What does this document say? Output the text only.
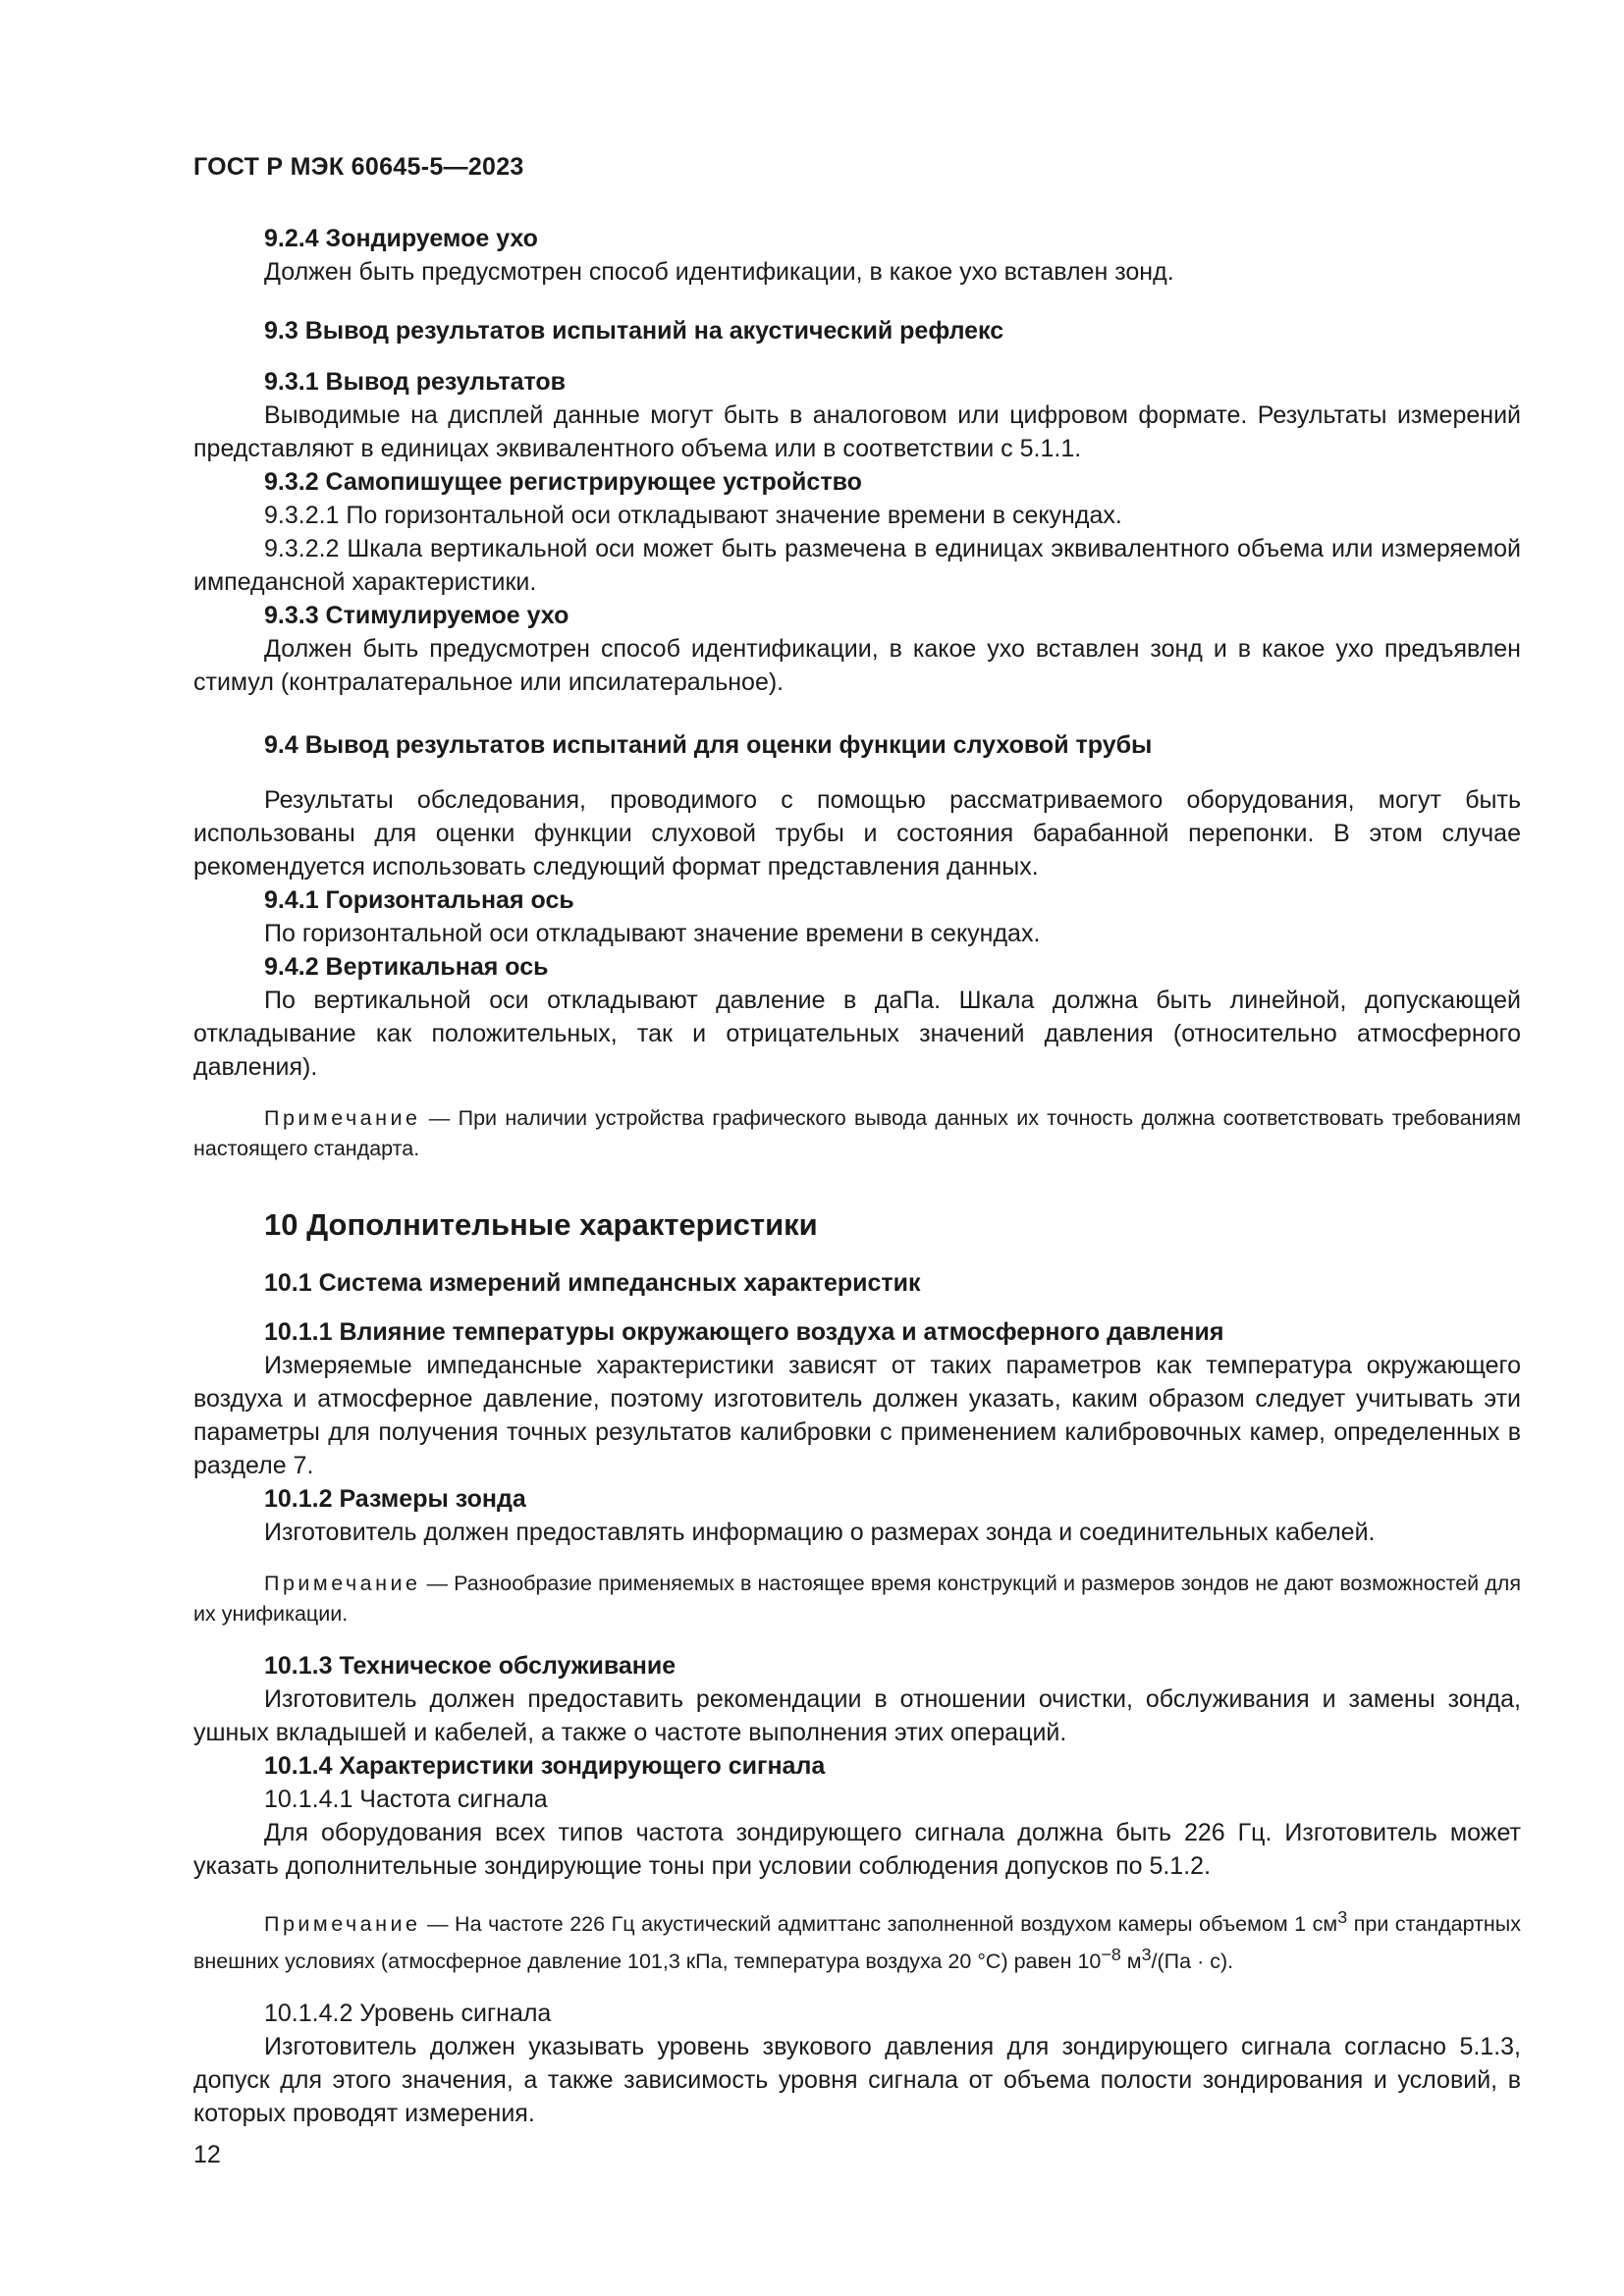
ГОСТ Р МЭК 60645-5—2023

9.2.4 Зондируемое ухо

Должен быть предусмотрен способ идентификации, в какое ухо вставлен зонд.

9.3 Вывод результатов испытаний на акустический рефлекс

9.3.1 Вывод результатов

Выводимые на дисплей данные могут быть в аналоговом или цифровом формате. Результаты измерений представляют в единицах эквивалентного объема или в соответствии с 5.1.1.

9.3.2 Самопишущее регистрирующее устройство

9.3.2.1 По горизонтальной оси откладывают значение времени в секундах.

9.3.2.2 Шкала вертикальной оси может быть размечена в единицах эквивалентного объема или измеряемой импедансной характеристики.

9.3.3 Стимулируемое ухо

Должен быть предусмотрен способ идентификации, в какое ухо вставлен зонд и в какое ухо предъявлен стимул (контралатеральное или ипсилатеральное).

9.4 Вывод результатов испытаний для оценки функции слуховой трубы

Результаты обследования, проводимого с помощью рассматриваемого оборудования, могут быть использованы для оценки функции слуховой трубы и состояния барабанной перепонки. В этом случае рекомендуется использовать следующий формат представления данных.

9.4.1 Горизонтальная ось

По горизонтальной оси откладывают значение времени в секундах.

9.4.2 Вертикальная ось

По вертикальной оси откладывают давление в даПа. Шкала должна быть линейной, допускающей откладывание как положительных, так и отрицательных значений давления (относительно атмосферного давления).

Примечание — При наличии устройства графического вывода данных их точность должна соответствовать требованиям настоящего стандарта.

10 Дополнительные характеристики

10.1 Система измерений импедансных характеристик

10.1.1 Влияние температуры окружающего воздуха и атмосферного давления

Измеряемые импедансные характеристики зависят от таких параметров как температура окружающего воздуха и атмосферное давление, поэтому изготовитель должен указать, каким образом следует учитывать эти параметры для получения точных результатов калибровки с применением калибровочных камер, определенных в разделе 7.

10.1.2 Размеры зонда

Изготовитель должен предоставлять информацию о размерах зонда и соединительных кабелей.

Примечание — Разнообразие применяемых в настоящее время конструкций и размеров зондов не дают возможностей для их унификации.

10.1.3 Техническое обслуживание

Изготовитель должен предоставить рекомендации в отношении очистки, обслуживания и замены зонда, ушных вкладышей и кабелей, а также о частоте выполнения этих операций.

10.1.4 Характеристики зондирующего сигнала

10.1.4.1 Частота сигнала

Для оборудования всех типов частота зондирующего сигнала должна быть 226 Гц. Изготовитель может указать дополнительные зондирующие тоны при условии соблюдения допусков по 5.1.2.

Примечание — На частоте 226 Гц акустический адмиттанс заполненной воздухом камеры объемом 1 $см^3$ при стандартных внешних условиях (атмосферное давление 101,3 кПа, температура воздуха 20 °С) равен $10^{-8}$ $м^3/(Па \cdot с)$.

10.1.4.2 Уровень сигнала

Изготовитель должен указывать уровень звукового давления для зондирующего сигнала согласно 5.1.3, допуск для этого значения, а также зависимость уровня сигнала от объема полости зондирования и условий, в которых проводят измерения.

12
